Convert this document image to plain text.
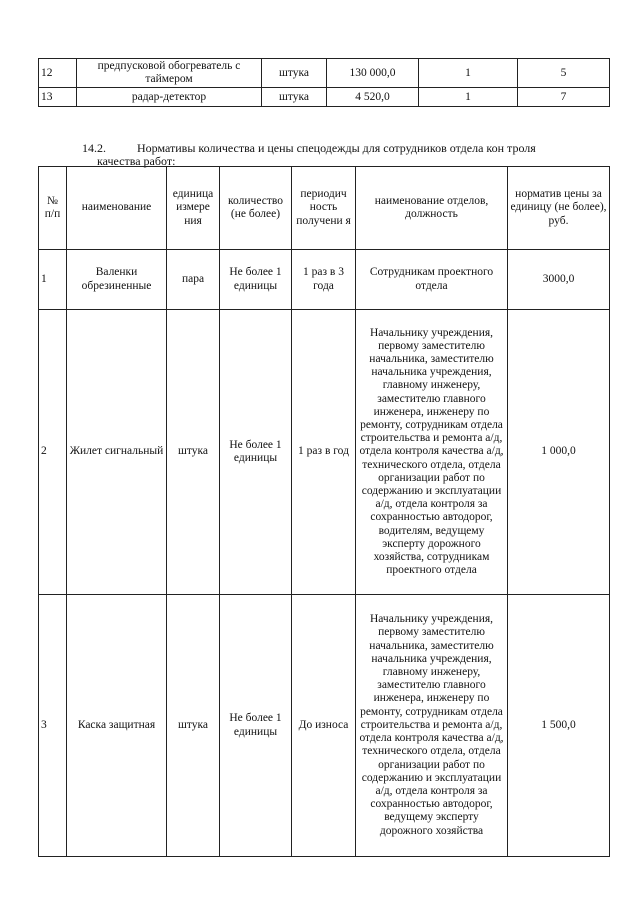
12	предпусковой обогреватель с таймером	штука	130 000,0	1	5
13	радар-детектор	штука	4 520,0	1	7
14.2.	Нормативы количества и цены спецодежды для сотрудников отдела кон троля
качества работ:
№ п/п	наименование	единица измере ния	количество (не более)	периодич ность получени я	наименование отделов, должность	норматив цены за единицу (не более), руб.
1	Валенки обрезиненные	пара	Не более 1 единицы	1 раз в 3 года	Сотрудникам проектного отдела	3000,0
2	Жилет сигнальный	штука	Не более 1 единицы	1 раз в год	Начальнику учреждения, первому заместителю начальника, заместителю начальника учреждения, главному инженеру, заместителю главного инженера, инженеру по ремонту, сотрудникам отдела строительства и ремонта а/д, отдела контроля качества а/д, технического отдела, отдела организации работ по содержанию и эксплуатации а/д, отдела контроля за сохранностью автодорог, водителям, ведущему эксперту дорожного хозяйства, сотрудникам проектного отдела	1 000,0
3	Каска защитная	штука	Не более 1 единицы	До износа	Начальнику учреждения, первому заместителю начальника, заместителю начальника учреждения, главному инженеру, заместителю главного инженера, инженеру по ремонту, сотрудникам отдела строительства и ремонта а/д, отдела контроля качества а/д, технического отдела, отдела организации работ по содержанию и эксплуатации а/д, отдела контроля за сохранностью автодорог, ведущему эксперту дорожного хозяйства	1 500,0
